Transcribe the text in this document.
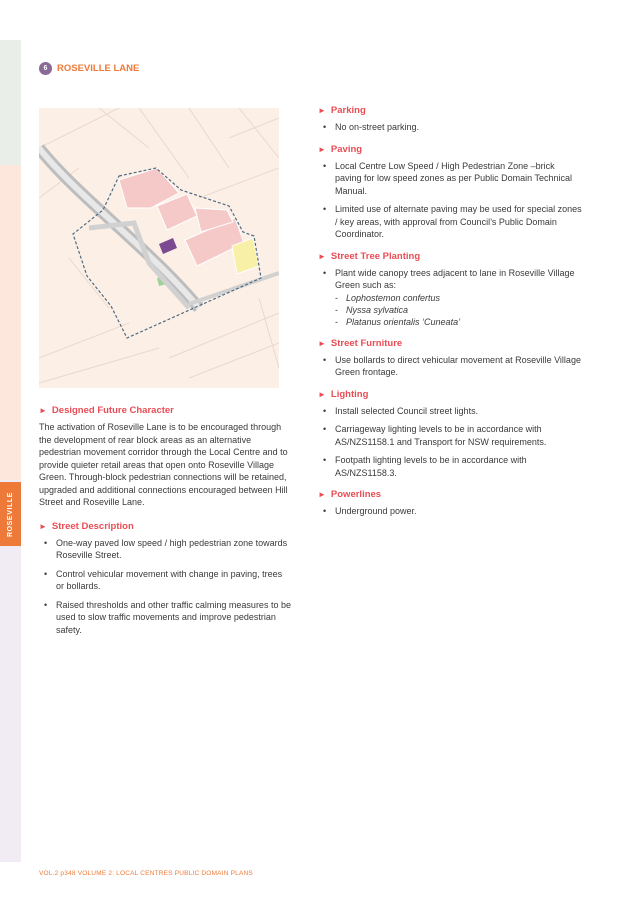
ROSEVILLE
6	ROSEVILLE LANE
► Designed Future Character
The activation of Roseville Lane is to be encouraged through the development of rear block areas as an alternative pedestrian movement corridor through the Local Centre and to provide quieter retail areas that open onto Roseville Village Green. Through-block pedestrian connections will be retained, upgraded and additional connections encouraged between Hill Street and Roseville Lane.
► Street Description
• One-way paved low speed / high pedestrian zone towards Roseville Street.
• Control vehicular movement with change in paving, trees or bollards.
• Raised thresholds and other traffic calming measures to be used to slow traffic movements and improve pedestrian safety.
► Parking
• No on-street parking.
► Paving
• Local Centre Low Speed / High Pedestrian Zone –brick paving for low speed zones as per Public Domain Technical Manual.
• Limited use of alternate paving may be used for special zones / key areas, with approval from Council’s Public Domain Coordinator.
► Street Tree Planting
• Plant wide canopy trees adjacent to lane in Roseville Village Green such as:
- Lophostemon confertus
- Nyssa sylvatica
- Platanus orientalis ‘Cuneata’
► Street Furniture
• Use bollards to direct vehicular movement at Roseville Village Green frontage.
► Lighting
• Install selected Council street lights.
• Carriageway lighting levels to be in accordance with AS/NZS1158.1 and Transport for NSW requirements.
• Footpath lighting levels to be in accordance with AS/NZS1158.3.
► Powerlines
• Underground power.
VOL.2 p348 VOLUME 2: LOCAL CENTRES PUBLIC DOMAIN PLANS
